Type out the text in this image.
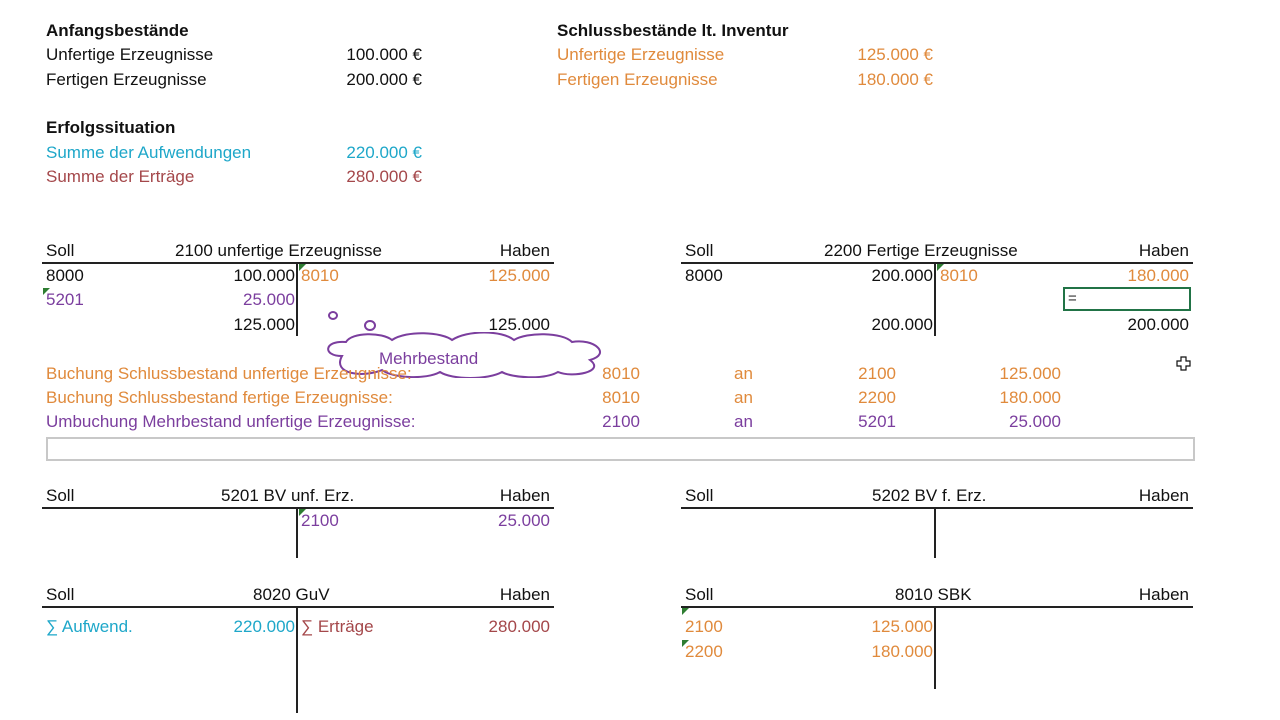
Anfangsbestände
Unfertige Erzeugnisse	100.000 €
Fertigen Erzeugnisse	200.000 €
Schlussbestände lt. Inventur
Unfertige Erzeugnisse	125.000 €
Fertigen Erzeugnisse	180.000 €
Erfolgssituation
Summe der Aufwendungen	220.000 €
Summe der Erträge	280.000 €
Soll	2100 unfertige Erzeugnisse	Haben
8000	100.000 8010	125.000
5201	25.000
125.000	125.000
Mehrbestand
Soll	2200 Fertige Erzeugnisse	Haben
8000	200.000 8010	180.000
=
200.000	200.000
Buchung Schlussbestand unfertige Erzeugnisse:	8010	an	2100	125.000
Buchung Schlussbestand fertige Erzeugnisse:	8010	an	2200	180.000
Umbuchung Mehrbestand unfertige Erzeugnisse:	2100	an	5201	25.000
Soll	5201 BV unf. Erz.	Haben
2100	25.000
Soll	5202 BV f. Erz.	Haben
Soll	8020 GuV	Haben
∑ Aufwend.	220.000 ∑ Erträge	280.000
Soll	8010 SBK	Haben
2100	125.000
2200	180.000
